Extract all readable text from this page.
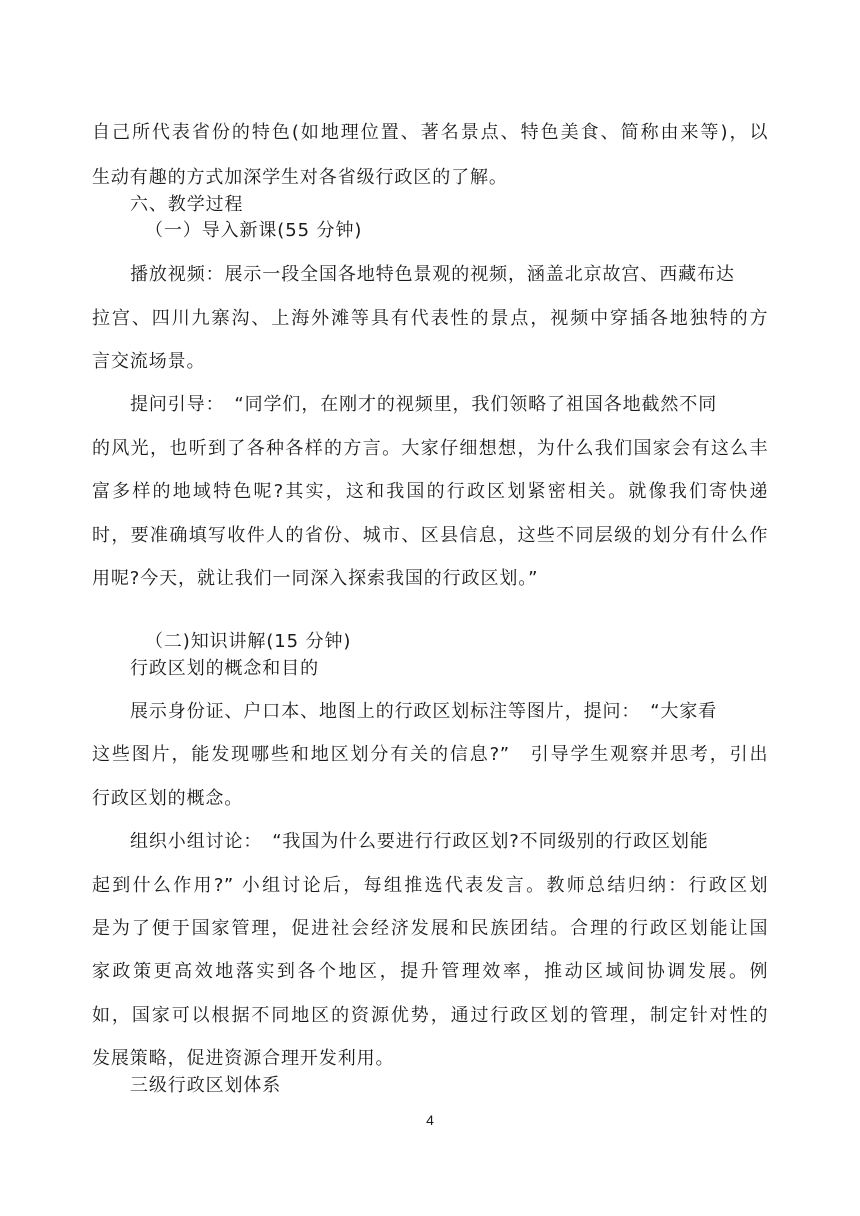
自己所代表省份的特色(如地理位置、著名景点、特色美食、简称由来等)，以
生动有趣的方式加深学生对各省级行政区的了解。
六、教学过程
（一）导入新课(55 分钟)
播放视频：展示一段全国各地特色景观的视频，涵盖北京故宫、西藏布达
拉宫、四川九寨沟、上海外滩等具有代表性的景点，视频中穿插各地独特的方
言交流场景。
提问引导：　“同学们，在刚才的视频里，我们领略了祖国各地截然不同
的风光，也听到了各种各样的方言。大家仔细想想，为什么我们国家会有这么丰
富多样的地域特色呢?其实，这和我国的行政区划紧密相关。就像我们寄快递
时，要准确填写收件人的省份、城市、区县信息，这些不同层级的划分有什么作
用呢?今天，就让我们一同深入探索我国的行政区划。”
（二)知识讲解(15 分钟)
行政区划的概念和目的
展示身份证、户口本、地图上的行政区划标注等图片，提问：　“大家看
这些图片，能发现哪些和地区划分有关的信息?”　引导学生观察并思考，引出
行政区划的概念。
组织小组讨论：　“我国为什么要进行行政区划?不同级别的行政区划能
起到什么作用?” 小组讨论后，每组推选代表发言。教师总结归纳：行政区划
是为了便于国家管理，促进社会经济发展和民族团结。合理的行政区划能让国
家政策更高效地落实到各个地区，提升管理效率，推动区域间协调发展。例
如，国家可以根据不同地区的资源优势，通过行政区划的管理，制定针对性的
发展策略，促进资源合理开发利用。
三级行政区划体系
4
